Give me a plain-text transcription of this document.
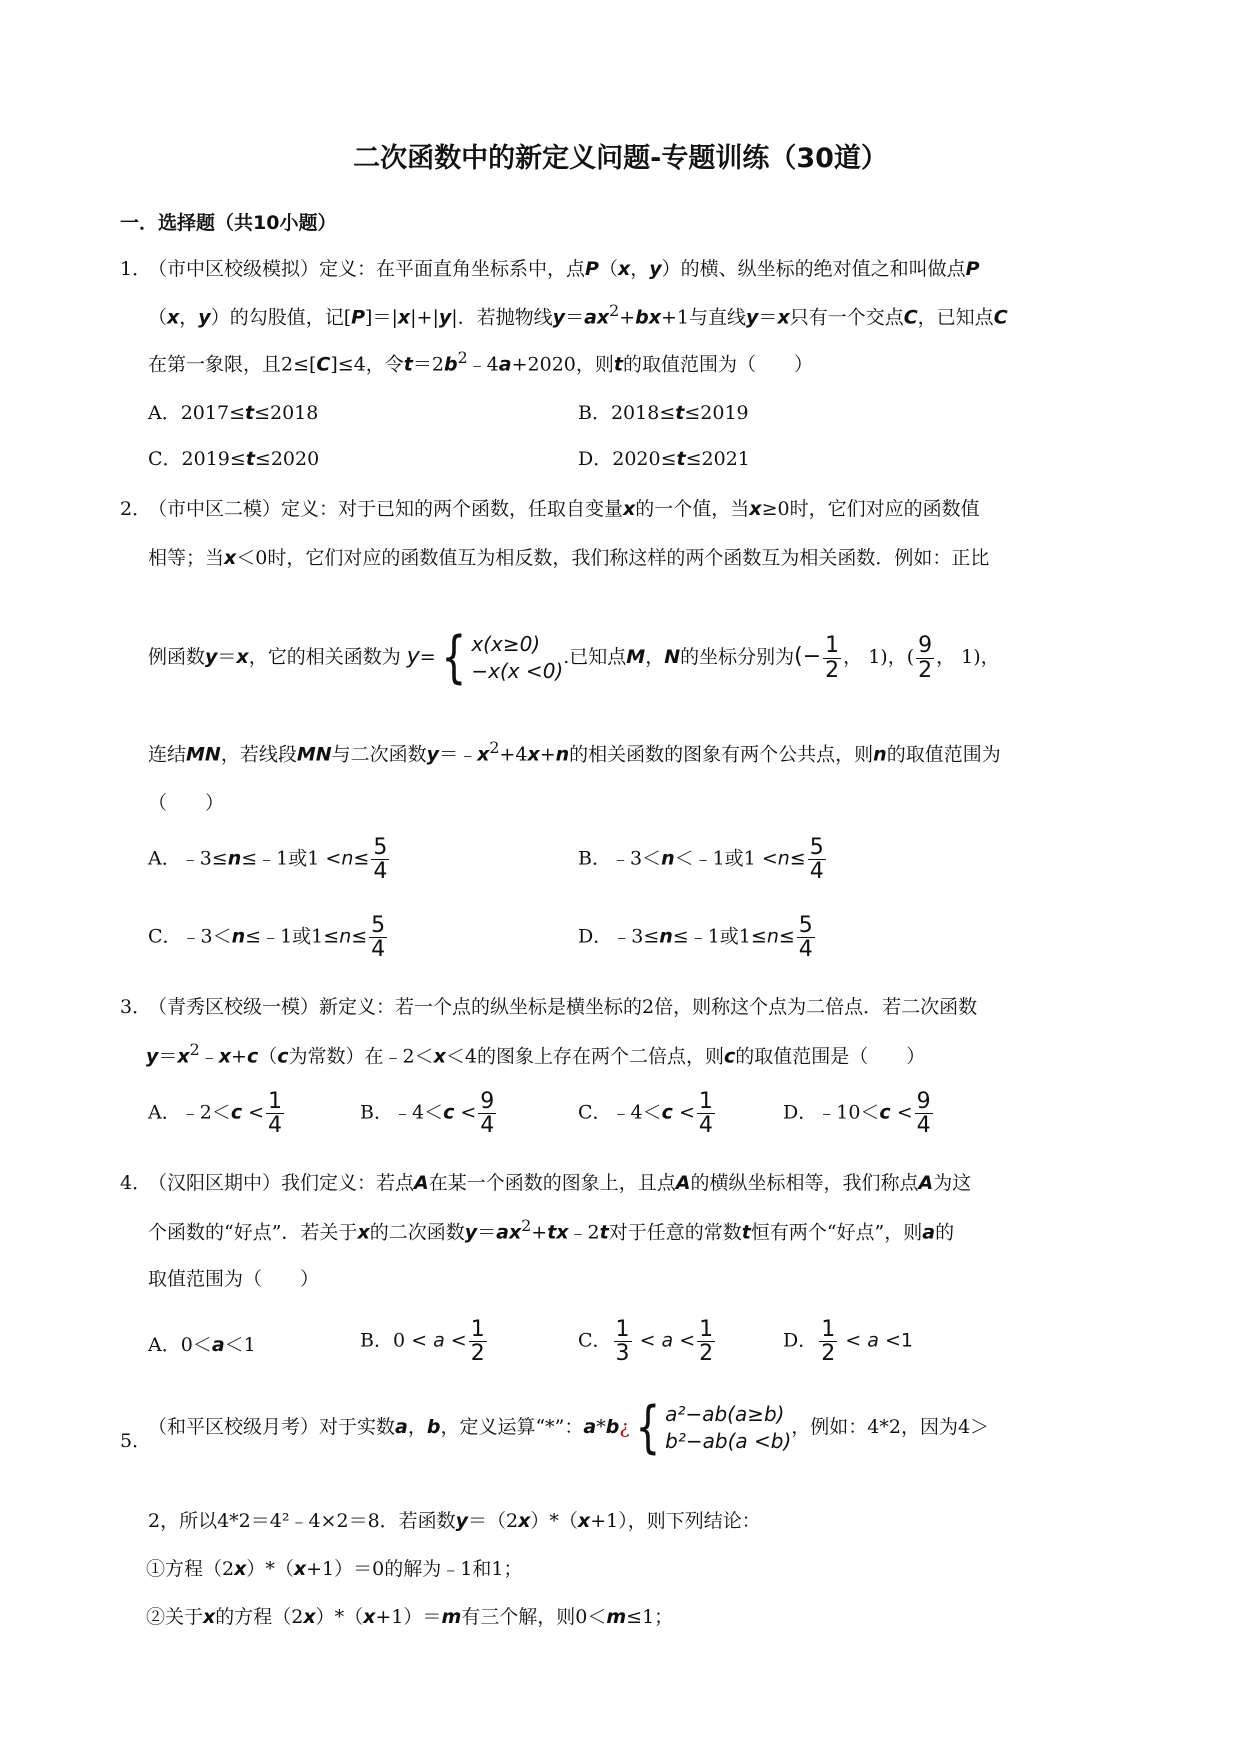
二次函数中的新定义问题-专题训练（30道）
一．选择题（共10小题）
1．
（市中区校级模拟）定义：在平面直角坐标系中，点P（x，y）的横、纵坐标的绝对值之和叫做点P
（x，y）的勾股值，记[P]＝|x|+|y|．若抛物线$y=ax^2+bx+1$与直线y＝x只有一个交点C，已知点C
在第一象限，且2≤[C]≤4，令$t=2b^2﹣4a+2020$，则t的取值范围为（　　）
A．2017≤t≤2018	B．2018≤t≤2019
C．2019≤t≤2020	D．2020≤t≤2021
2．
（市中区二模）定义：对于已知的两个函数，任取自变量x的一个值，当x≥0时，它们对应的函数值
相等；当x＜0时，它们对应的函数值互为相反数，我们称这样的两个函数互为相关函数．例如：正比
例函数y＝x，它的相关函数为 y={ x(x≥0)
−x(x <0)
.已知点M，N的坐标分别为(− $\frac{1}{2}$ ， 1)，( $\frac{9}{2}$ ， 1)，
连结MN，若线段MN与二次函数$y=﹣x^2+4x+n$的相关函数的图象有两个公共点，则n的取值范围为
（　　）
A．﹣3≤n≤﹣1或$1 <n\le \frac{5}{4}$	B．﹣3＜n＜﹣1或$1 <n\le \frac{5}{4}$
C．﹣3＜n≤﹣1或$1\le n\le \frac{5}{4}$	D．﹣3≤n≤﹣1或$1\le n\le \frac{5}{4}$
3．
（青秀区校级一模）新定义：若一个点的纵坐标是横坐标的2倍，则称这个点为二倍点．若二次函数
$y=x^2﹣x+c(c$为常数）在﹣2＜x＜4的图象上存在两个二倍点，则c的取值范围是（　　）
A．﹣2＜c < $\frac{1}{4}$	B．﹣4＜c < $\frac{9}{4}$	C．﹣4＜c < $\frac{1}{4}$	D．﹣10＜c < $\frac{9}{4}$
4．
（汉阳区期中）我们定义：若点A在某一个函数的图象上，且点A的横纵坐标相等，我们称点A为这
个函数的“好点”．若关于x的二次函数$y=ax^2+tx﹣2t$对于任意的常数t恒有两个“好点”，则a的
取值范围为（　　）
A．0＜a＜1	B．$0 < a < \frac{1}{2}$	C． $\frac{1}{3} < a < \frac{1}{2}$	D． $\frac{1}{2} < a <1$
5．
（和平区校级月考）对于实数a，b，定义运算“*”：a*b¿{ a²−ab(a≥b)
b²−ab(a <b)
，例如：4*2，因为4＞
2，所以4*2＝4²﹣4×2＝8．若函数y＝（2x）*（x+1），则下列结论：
①方程（2x）*（x+1）＝0的解为﹣1和1；
②关于x的方程（2x）*（x+1）＝m有三个解，则0＜m≤1；
